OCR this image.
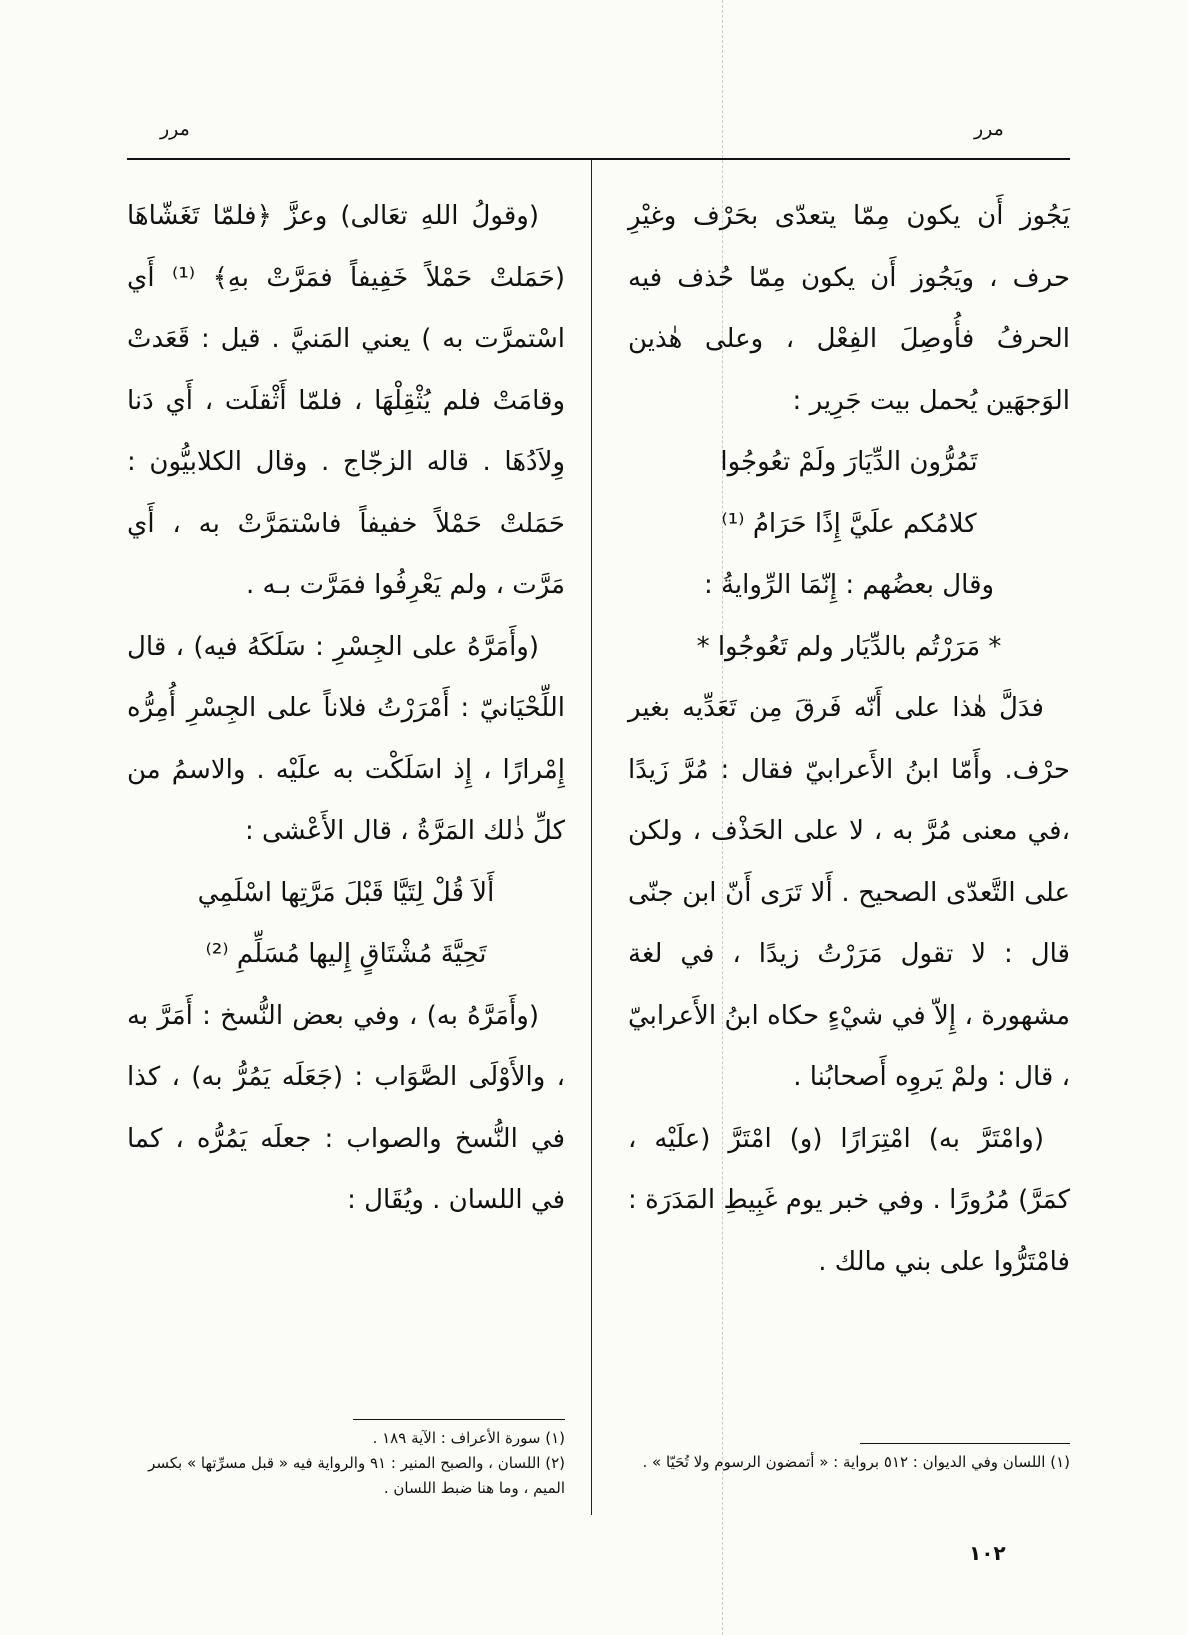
مرر
مرر

يَجُوز أَن يكون مِمّا يتعدّى بحَرْف وغيْرِ حرف ، ويَجُوز أَن يكون مِمّا حُذف فيه الحرفُ فأُوصِلَ الفِعْل ، وعلى هٰذين الوَجهَين يُحمل بيت جَرِير :

تَمُرُّون الدِّيَارَ ولَمْ تعُوجُوا

كلامُكم علَيَّ إِذًا حَرَامُ ⁽¹⁾

وقال بعضُهم : إِنّمَا الرِّوايةُ :

* مَرَرْتُم بالدِّيَار ولم تَعُوجُوا *

فدَلَّ هٰذا على أَنّه فَرقَ مِن تَعَدِّيه بغير حرْف. وأَمّا ابنُ الأَعرابيّ فقال : مُرَّ زَيدًا ،في معنى مُرَّ به ، لا على الحَذْف ، ولكن على التَّعدّى الصحيح . أَلا تَرَى أَنّ ابن جنّى قال : لا تقول مَرَرْتُ زيدًا ، في لغة مشهورة ، إِلاّ في شيْءٍ حكاه ابنُ الأَعرابيّ ، قال : ولمْ يَروِه أَصحابُنا .

(وامْتَرَّ به) امْتِرَارًا (و) امْتَرَّ (علَيْه ، كمَرَّ) مُرُورًا . وفي خبر يوم غَبِيطِ المَدَرَة : فامْتَرُّوا على بني مالك .

(وقولُ اللهِ تعَالى) وعزَّ ﴿فلمّا تَغَشّاهَا (حَمَلتْ حَمْلاً خَفِيفاً فمَرَّتْ بهِ﴾ ⁽¹⁾ أَي اسْتمرَّت به ) يعني المَنيَّ . قيل : قَعَدتْ وقامَتْ فلم يُثْقِلْهَا ، فلمّا أَثْقلَت ، أَي دَنا وِلاَدُهَا . قاله الزجّاج . وقال الكلابيُّون : حَمَلتْ حَمْلاً خفيفاً فاسْتمَرَّتْ به ، أَي مَرَّت ، ولم يَعْرِفُوا فمَرَّت بـه .

(وأَمَرَّهُ على الجِسْرِ : سَلَكَهُ فيه) ، قال اللِّحْيَانيّ : أَمْرَرْتُ فلاناً على الجِسْرِ أُمِرُّه إِمْرارًا ، إِذ اسَلَكْت به علَيْه . والاسمُ من كلِّ ذٰلك المَرَّةُ ، قال الأَعْشى :

أَلاَ قُلْ لِتَيَّا قَبْلَ مَرَّتِها اسْلَمِي

تَحِيَّةَ مُشْتَاقٍ إِليها مُسَلِّمِ ⁽²⁾

(وأَمَرَّهُ به) ، وفي بعض النُّسخ : أَمَرَّ به ، والأَوْلَى الصَّوَاب : (جَعَلَه يَمُرُّ به) ، كذا في النُّسخ والصواب : جعلَه يَمُرُّه ، كما في اللسان . ويُقَال :

(١) اللسان وفي الديوان : ٥١٢ برواية : « أتمضون الرسوم ولا تُحَيّا » .

(١) سورة الأعراف : الآية ١٨٩ .

(٢) اللسان ، والصبح المنير : ٩١ والرواية فيه « قبل مسرِّتها » بكسر الميم ، وما هنا ضبط اللسان .

١٠٢
